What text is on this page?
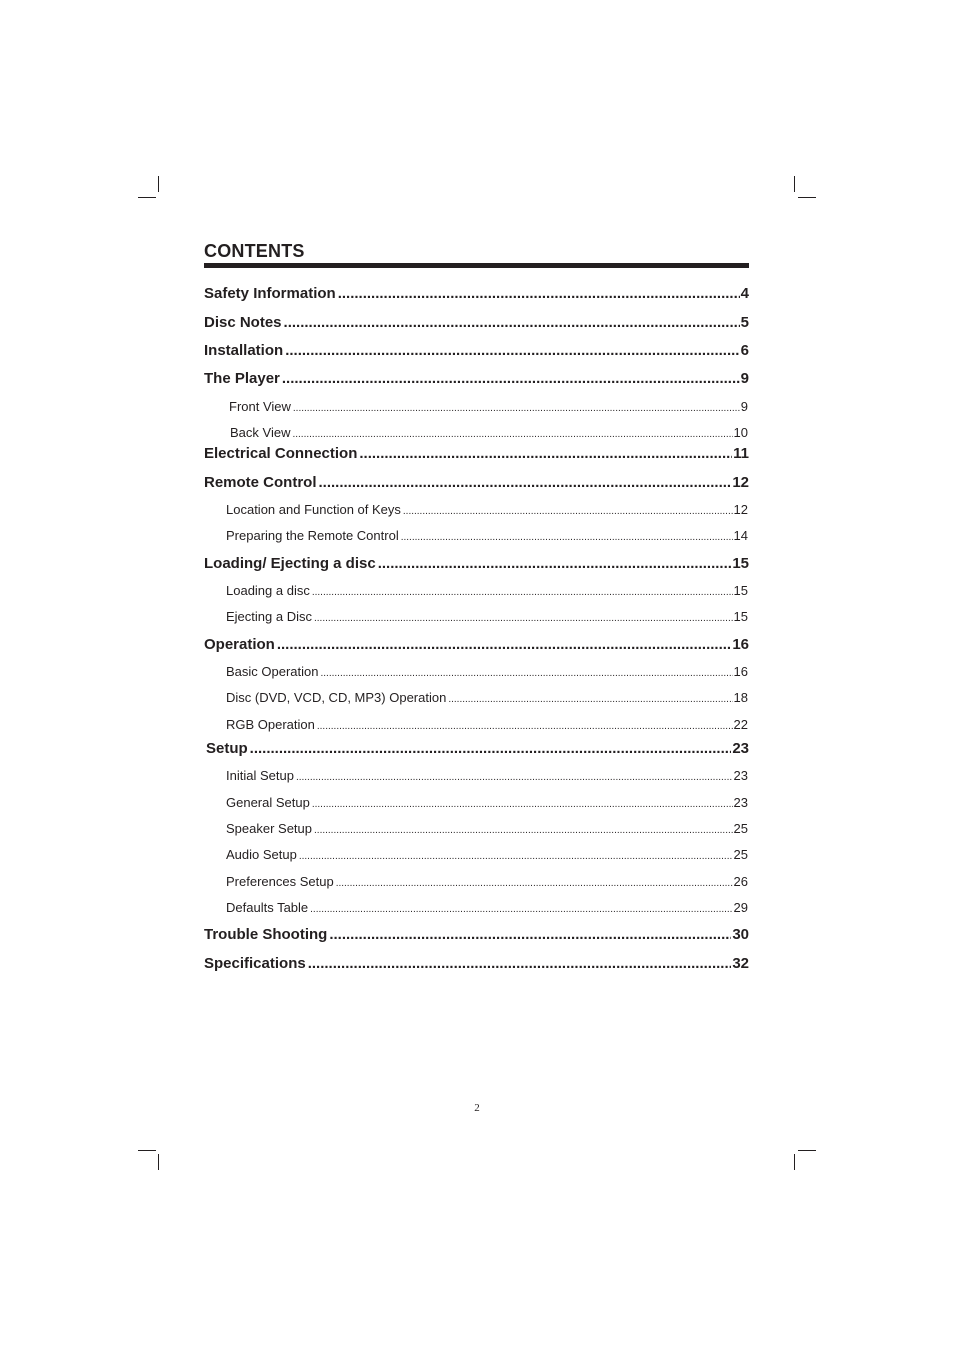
CONTENTS
Safety Information .....	4
Disc Notes .....	5
Installation .....	6
The Player .....	9
Front View .....	9
Back View .....	10
Electrical Connection .....	11
Remote Control .....	12
Location and Function of Keys .....	12
Preparing the Remote Control .....	14
Loading/ Ejecting a disc .....	15
Loading a disc .....	15
Ejecting a Disc .....	15
Operation .....	16
Basic Operation .....	16
Disc (DVD, VCD, CD, MP3) Operation .....	18
RGB Operation .....	22
Setup .....	23
Initial Setup .....	23
General Setup .....	23
Speaker Setup .....	25
Audio Setup .....	25
Preferences Setup .....	26
Defaults Table .....	29
Trouble Shooting .....	30
Specifications .....	32
2
